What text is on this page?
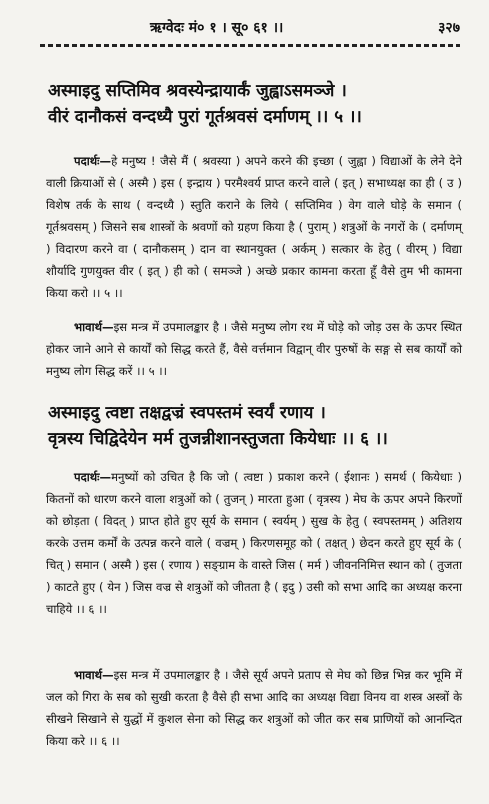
ऋग्वेदः मं० १ । सू० ६१ ।।	३२७
अस्माइदु सप्तिमिव श्रवस्येन्द्रायार्कं जुह्वाऽसमञ्जे ।
वीरं दानौकसं वन्दध्यै पुरां गूर्तश्रवसं दर्माणम् ।। ५ ।।
पदार्थः—हे मनुष्य ! जैसे मैं ( श्रवस्या ) अपने करने की इच्छा ( जुह्वा ) विद्याओं के लेने देने वाली क्रियाओं से ( अस्मै ) इस ( इन्द्राय ) परमैश्वर्य प्राप्त करने वाले ( इत् ) सभाध्यक्ष का ही ( उ ) विशेष तर्क के साथ ( वन्दध्यै ) स्तुति कराने के लिये ( सप्तिमिव ) वेग वाले घोड़े के समान ( गूर्तश्रवसम् ) जिसने सब शास्त्रों के श्रवणों को ग्रहण किया है ( पुराम् ) शत्रुओं के नगरों के ( दर्माणम् ) विदारण करने वा ( दानौकसम् ) दान वा स्थानयुक्त ( अर्कम् ) सत्कार के हेतु ( वीरम् ) विद्या शौर्यादि गुणयुक्त वीर ( इत् ) ही को ( समञ्जे ) अच्छे प्रकार कामना करता हूँ वैसे तुम भी कामना किया करो ।। ५ ।।
भावार्थ—इस मन्त्र में उपमालङ्कार है । जैसे मनुष्य लोग रथ में घोड़े को जोड़ उस के ऊपर स्थित होकर जाने आने से कार्यों को सिद्ध करते हैं, वैसे वर्त्तमान विद्वान् वीर पुरुषों के सङ्ग से सब कार्यों को मनुष्य लोग सिद्ध करें ।। ५ ।।
अस्माइदु त्वष्टा तक्षद्वज्रं स्वपस्तमं स्वर्यं रणाय ।
वृत्रस्य चिद्विदेयेन मर्म तुजन्नीशानस्तुजता कियेधाः ।। ६ ।।
पदार्थः—मनुष्यों को उचित है कि जो ( त्वष्टा ) प्रकाश करने ( ईशानः ) समर्थ ( कियेधाः ) कितनों को धारण करने वाला शत्रुओं को ( तुजन् ) मारता हुआ ( वृत्रस्य ) मेघ के ऊपर अपने किरणों को छोड़ता ( विदत् ) प्राप्त होते हुए सूर्य के समान ( स्वर्यम् ) सुख के हेतु ( स्वपस्तमम् ) अतिशय करके उत्तम कर्मों के उत्पन्न करने वाले ( वज्रम् ) किरणसमूह को ( तक्षत् ) छेदन करते हुए सूर्य के ( चित् ) समान ( अस्मै ) इस ( रणाय ) सङ्ग्राम के वास्ते जिस ( मर्म ) जीवननिमित्त स्थान को ( तुजता ) काटते हुए ( येन ) जिस वज्र से शत्रुओं को जीतता है ( इदु ) उसी को सभा आदि का अध्यक्ष करना चाहिये ।। ६ ।।
भावार्थ—इस मन्त्र में उपमालङ्कार है । जैसे सूर्य अपने प्रताप से मेघ को छिन्न भिन्न कर भूमि में जल को गिरा के सब को सुखी करता है वैसे ही सभा आदि का अध्यक्ष विद्या विनय वा शस्त्र अस्त्रों के सीखने सिखाने से युद्धों में कुशल सेना को सिद्ध कर शत्रुओं को जीत कर सब प्राणियों को आनन्दित किया करे ।। ६ ।।
